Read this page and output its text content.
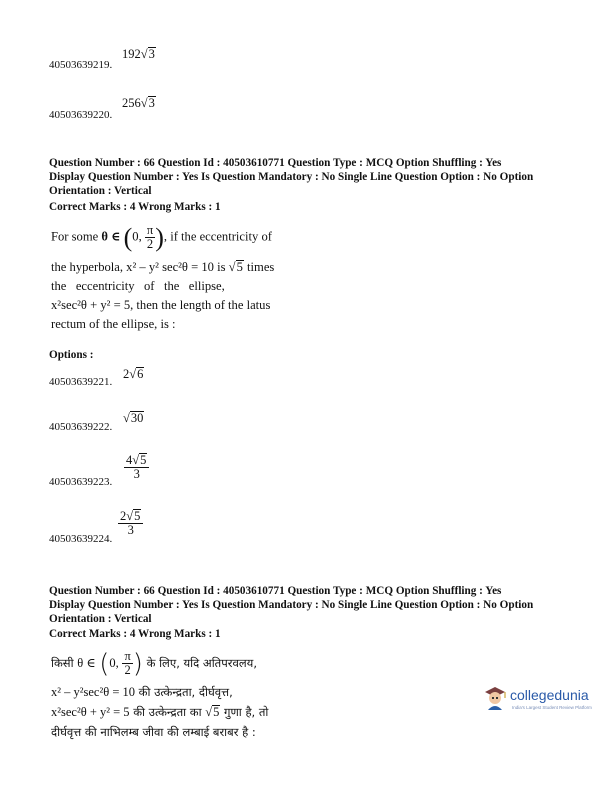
40503639219.
192√3
40503639220.
256√3
Question Number : 66 Question Id : 40503610771 Question Type : MCQ Option Shuffling : Yes
Display Question Number : Yes Is Question Mandatory : No Single Line Question Option : No Option
Orientation : Vertical
Correct Marks : 4 Wrong Marks : 1
For some θ ∈ (0, $\frac{\pi}{2}$ ), if the eccentricity of
the hyperbola, x² – y² sec²θ = 10 is √5 times
the   eccentricity   of   the   ellipse,
x²sec²θ + y² = 5, then the length of the latus
rectum of the ellipse, is :
Options :
40503639221.
2√6
40503639222.
√30
40503639223.
$\frac{4√5}{3}$
40503639224.
$\frac{2√5}{3}$
Question Number : 66 Question Id : 40503610771 Question Type : MCQ Option Shuffling : Yes
Display Question Number : Yes Is Question Mandatory : No Single Line Question Option : No Option
Orientation : Vertical
Correct Marks : 4 Wrong Marks : 1
किसी θ ∈ (0, $\frac{\pi}{2}$ ) के लिए, यदि अतिपरवलय,
x² – y²sec²θ = 10 की उत्केन्द्रता, दीर्घवृत्त,
x²sec²θ + y² = 5 की उत्केन्द्रता का √5 गुणा है, तो
दीर्घवृत्त की नाभिलम्ब जीवा की लम्बाई बराबर है :
collegedunia
India's Largest Student Review Platform
